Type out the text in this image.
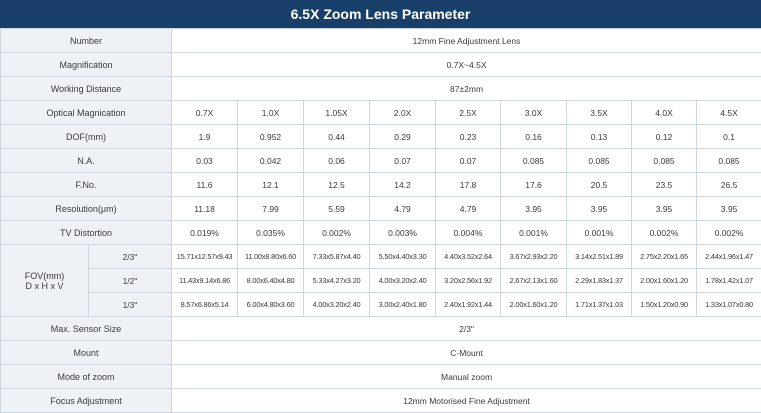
6.5X Zoom Lens Parameter
Number		12mm Fine Adjustment Lens								
Magnification		0.7X~4.5X								
Working Distance		87±2mm								
Optical Magnication		0.7X	1.0X	1.05X	2.0X	2.5X	3.0X	3.5X	4.0X	4.5X
DOF(mm)		1.9	0.952	0.44	0.29	0.23	0.16	0.13	0.12	0.1
N.A.		0.03	0.042	0.06	0.07	0.07	0.085	0.085	0.085	0.085
F.No.		11.6	12.1	12.5	14.2	17.8	17.6	20.5	23.5	26.5
Resolution(μm)		11.18	7.99	5.59	4.79	4.79	3.95	3.95	3.95	3.95
TV Distortion		0.019%	0.035%	0.002%	0.003%	0.004%	0.001%	0.001%	0.002%	0.002%

FOV(mm)
D x H x V	2/3"	15.71x12.57x9.43	11.00x8.80x6.60	7.33x5.87x4.40	5.50x4.40x3.30	4.40x3.52x2.64	3.67x2.93x2.20	3.14x2.51x1.89	2.75x2.20x1.65	2.44x1.96x1.47
	1/2"	11.43x9.14x6.86	8.00x6.40x4.80	5.33x4.27x3.20	4.00x3.20x2.40	3.20x2.56x1.92	2.67x2.13x1.60	2.29x1.83x1.37	2.00x1.60x1.20	1.78x1.42x1.07
	1/3"	8.57x6.86x5.14	6.00x4.80x3.60	4.00x3.20x2.40	3.00x2.40x1.80	2.40x1.92x1.44	2.00x1.60x1.20	1.71x1.37x1.03	1.50x1.20x0.90	1.33x1.07x0.80
Max. Sensor Size		2/3"								
Mount		C-Mount								
Mode of zoom		Manual zoom								
Focus Adjustment		12mm Motorised Fine Adjustment								
